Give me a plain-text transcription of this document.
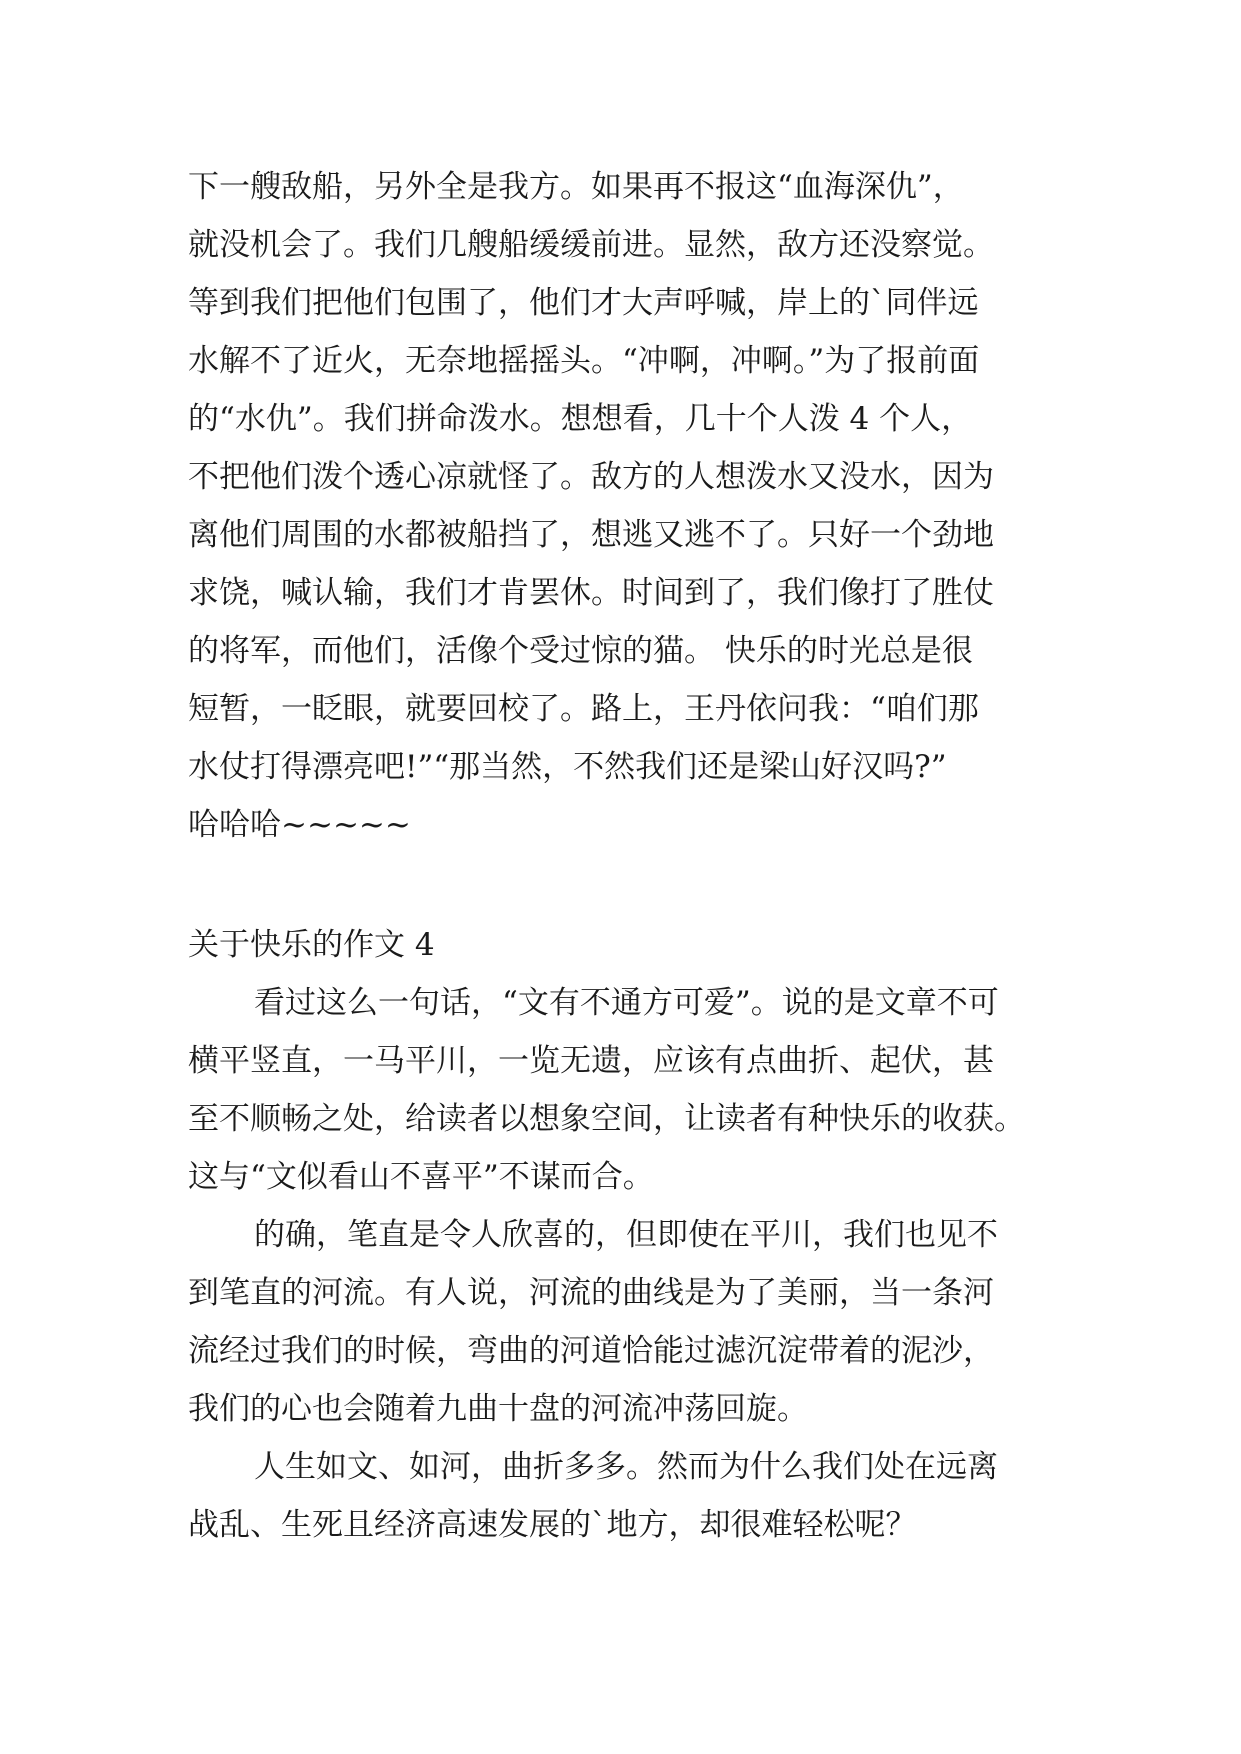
下一艘敌船，另外全是我方。如果再不报这“血海深仇”，
就没机会了。我们几艘船缓缓前进。显然，敌方还没察觉。
等到我们把他们包围了，他们才大声呼喊，岸上的`同伴远
水解不了近火，无奈地摇摇头。“冲啊，冲啊。”为了报前面
的“水仇”。我们拼命泼水。想想看，几十个人泼 4 个人，
不把他们泼个透心凉就怪了。敌方的人想泼水又没水，因为
离他们周围的水都被船挡了，想逃又逃不了。只好一个劲地
求饶，喊认输，我们才肯罢休。时间到了，我们像打了胜仗
的将军，而他们，活像个受过惊的猫。 快乐的时光总是很
短暂，一眨眼，就要回校了。路上，王丹依问我：“咱们那
水仗打得漂亮吧!”“那当然，不然我们还是梁山好汉吗?”
哈哈哈~~~~~
关于快乐的作文 4
看过这么一句话，“文有不通方可爱”。说的是文章不可
横平竖直，一马平川，一览无遗，应该有点曲折、起伏，甚
至不顺畅之处，给读者以想象空间，让读者有种快乐的收获。
这与“文似看山不喜平”不谋而合。
的确，笔直是令人欣喜的，但即使在平川，我们也见不
到笔直的河流。有人说，河流的曲线是为了美丽，当一条河
流经过我们的时候，弯曲的河道恰能过滤沉淀带着的泥沙，
我们的心也会随着九曲十盘的河流冲荡回旋。
人生如文、如河，曲折多多。然而为什么我们处在远离
战乱、生死且经济高速发展的`地方，却很难轻松呢？
